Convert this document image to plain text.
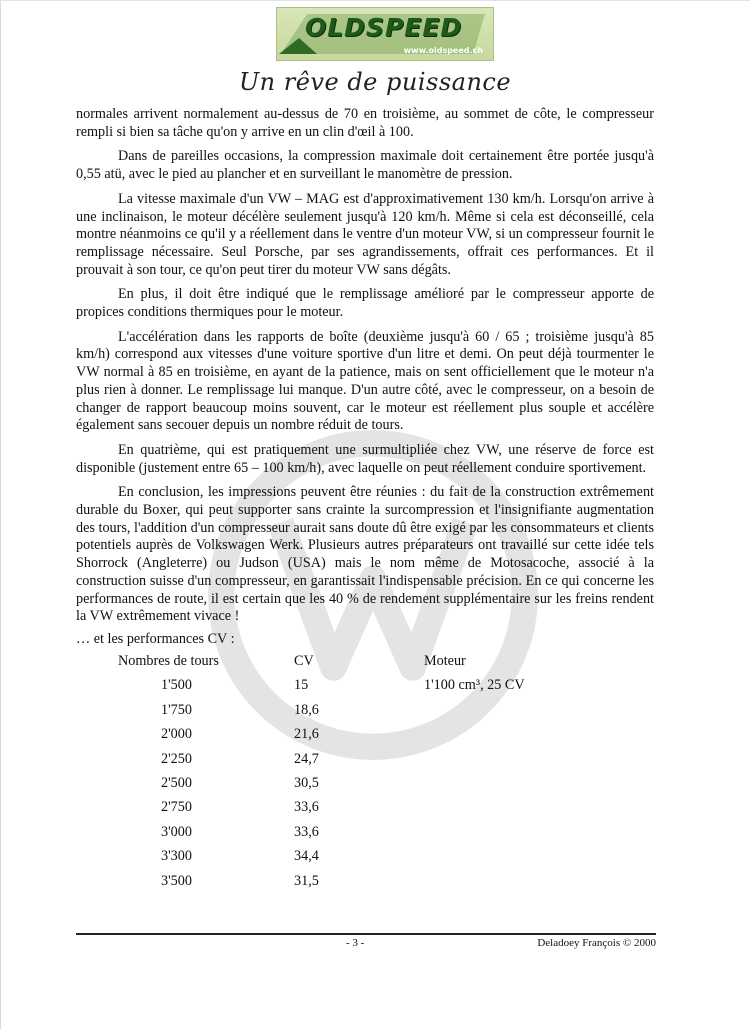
OLDSPEED
www.oldspeed.ch
Un rêve de puissance

normales arrivent normalement au-dessus de 70 en troisième, au sommet de côte, le compresseur rempli si bien sa tâche qu'on y arrive en un clin d'œil à 100.

Dans de pareilles occasions, la compression maximale doit certainement être portée jusqu'à 0,55 atü, avec le pied au plancher et en surveillant le manomètre de pression.

La vitesse maximale d'un VW – MAG est d'approximativement 130 km/h. Lorsqu'on arrive à une inclinaison, le moteur décélère seulement jusqu'à 120 km/h. Même si cela est déconseillé, cela montre néanmoins ce qu'il y a réellement dans le ventre d'un moteur VW, si un compresseur fournit le remplissage nécessaire. Seul Porsche, par ses agrandissements, offrait ces performances. Et il prouvait à son tour, ce qu'on peut tirer du moteur VW sans dégâts.

En plus, il doit être indiqué que le remplissage amélioré par le compresseur apporte de propices conditions thermiques pour le moteur.

L'accélération dans les rapports de boîte (deuxième jusqu'à 60 / 65 ; troisième jusqu'à 85 km/h) correspond aux vitesses d'une voiture sportive d'un litre et demi. On peut déjà tourmenter le VW normal à 85 en troisième, en ayant de la patience, mais on sent officiellement que le moteur n'a plus rien à donner. Le remplissage lui manque. D'un autre côté, avec le compresseur, on a besoin de changer de rapport beaucoup moins souvent, car le moteur est réellement plus souple et accélère également sans secouer depuis un nombre réduit de tours.

En quatrième, qui est pratiquement une surmultipliée chez VW, une réserve de force est disponible (justement entre 65 – 100 km/h), avec laquelle on peut réellement conduire sportivement.

En conclusion, les impressions peuvent être réunies : du fait de la construction extrêmement durable du Boxer, qui peut supporter sans crainte la surcompression et l'insignifiante augmentation des tours, l'addition d'un compresseur aurait sans doute dû être exigé par les consommateurs et clients potentiels auprès de Volkswagen Werk. Plusieurs autres préparateurs ont travaillé sur cette idée tels Shorrock (Angleterre) ou Judson (USA) mais le nom même de Motosacoche, associé à la construction suisse d'un compresseur, en garantissait l'indispensable précision. En ce qui concerne les performances de route, il est certain que les 40 % de rendement supplémentaire sur les freins rendent la VW extrêmement vivace !

… et les performances CV :
Nombres de tours	CV	Moteur
1'500	15	1'100 cm³, 25 CV
1'750	18,6	
2'000	21,6	
2'250	24,7	
2'500	30,5	
2'750	33,6	
3'000	33,6	
3'300	34,4	
3'500	31,5	
- 3 -	Deladoey François © 2000
